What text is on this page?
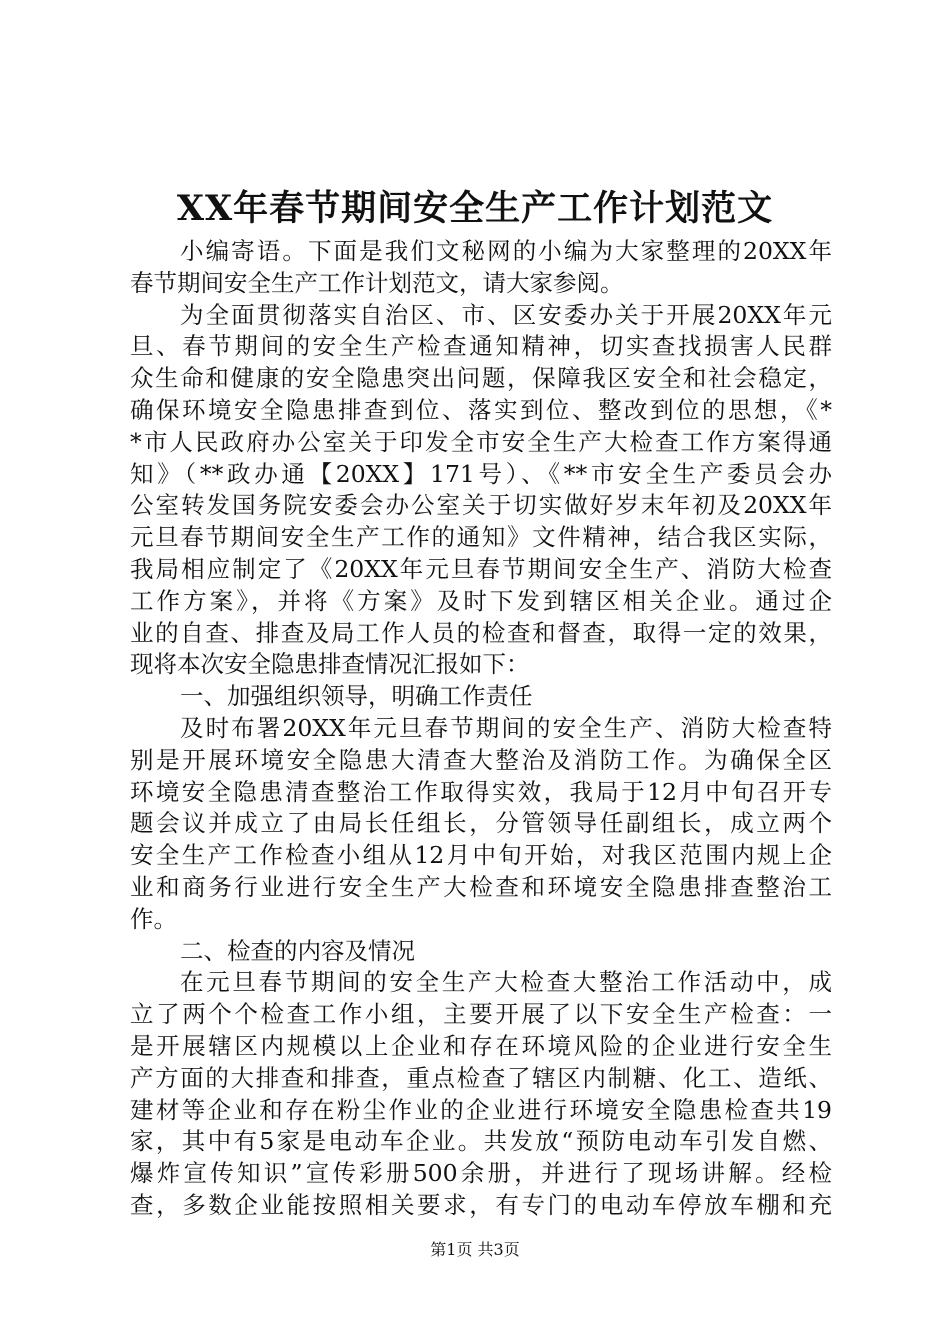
XX年春节期间安全生产工作计划范文
小编寄语。下面是我们文秘网的小编为大家整理的20XX年
春节期间安全生产工作计划范文，请大家参阅。
为全面贯彻落实自治区、市、区安委办关于开展20XX年元
旦、春节期间的安全生产检查通知精神，切实查找损害人民群
众生命和健康的安全隐患突出问题，保障我区安全和社会稳定，
确保环境安全隐患排查到位、落实到位、整改到位的思想，《*
*市人民政府办公室关于印发全市安全生产大检查工作方案得通
知》（**政办通【20XX】171号）、《**市安全生产委员会办
公室转发国务院安委会办公室关于切实做好岁末年初及20XX年
元旦春节期间安全生产工作的通知》文件精神，结合我区实际，
我局相应制定了《20XX年元旦春节期间安全生产、消防大检查
工作方案》，并将《方案》及时下发到辖区相关企业。通过企
业的自查、排查及局工作人员的检查和督查，取得一定的效果，
现将本次安全隐患排查情况汇报如下：
一、加强组织领导，明确工作责任
及时布署20XX年元旦春节期间的安全生产、消防大检查特
别是开展环境安全隐患大清查大整治及消防工作。为确保全区
环境安全隐患清查整治工作取得实效，我局于12月中旬召开专
题会议并成立了由局长任组长，分管领导任副组长，成立两个
安全生产工作检查小组从12月中旬开始，对我区范围内规上企
业和商务行业进行安全生产大检查和环境安全隐患排查整治工
作。
二、检查的内容及情况
在元旦春节期间的安全生产大检查大整治工作活动中，成
立了两个个检查工作小组，主要开展了以下安全生产检查：一
是开展辖区内规模以上企业和存在环境风险的企业进行安全生
产方面的大排查和排查，重点检查了辖区内制糖、化工、造纸、
建材等企业和存在粉尘作业的企业进行环境安全隐患检查共19
家，其中有5家是电动车企业。共发放“预防电动车引发自燃、
爆炸宣传知识”宣传彩册500余册，并进行了现场讲解。经检
查，多数企业能按照相关要求，有专门的电动车停放车棚和充
第1页 共3页
